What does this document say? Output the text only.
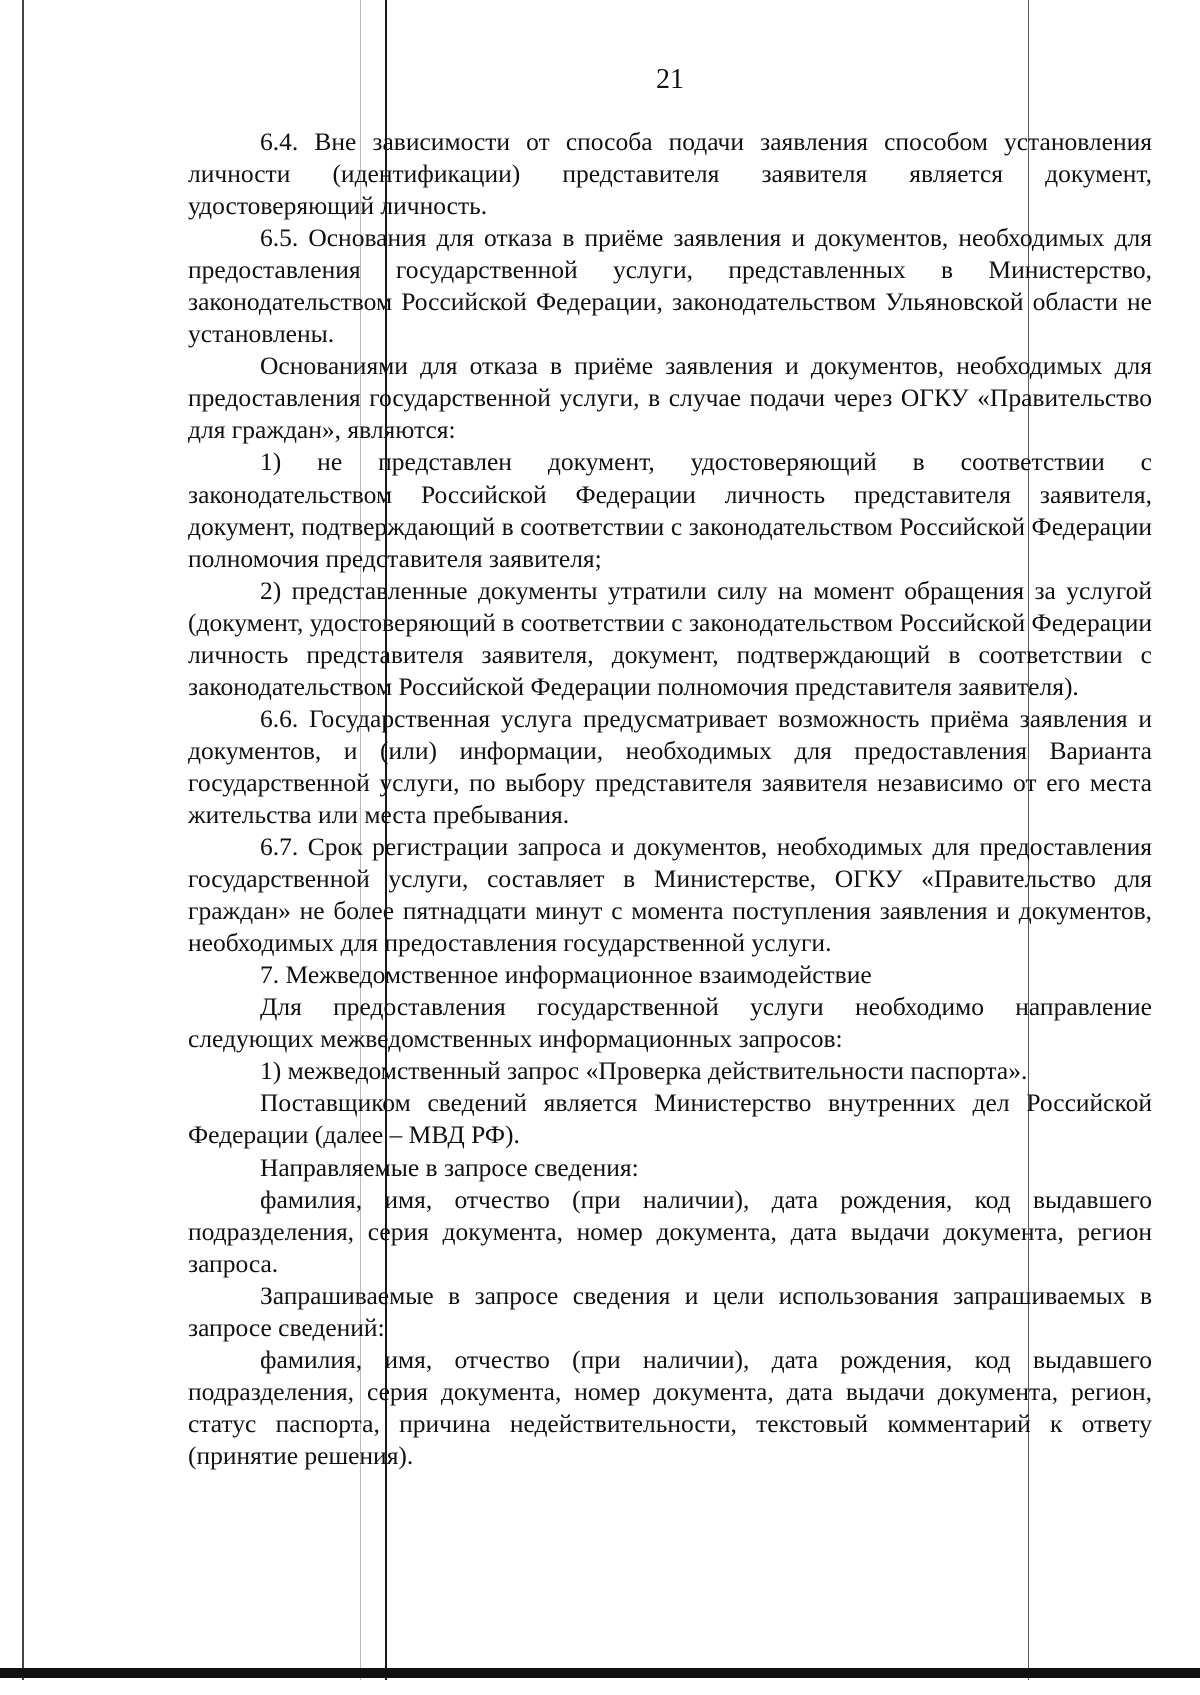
21

6.4. Вне зависимости от способа подачи заявления способом установления личности (идентификации) представителя заявителя является документ, удостоверяющий личность.

6.5. Основания для отказа в приёме заявления и документов, необходимых для предоставления государственной услуги, представленных в Министерство, законодательством Российской Федерации, законодательством Ульяновской области не установлены.

Основаниями для отказа в приёме заявления и документов, необходимых для предоставления государственной услуги, в случае подачи через ОГКУ «Правительство для граждан», являются:

1) не представлен документ, удостоверяющий в соответствии с законодательством Российской Федерации личность представителя заявителя, документ, подтверждающий в соответствии с законодательством Российской Федерации полномочия представителя заявителя;

2) представленные документы утратили силу на момент обращения за услугой (документ, удостоверяющий в соответствии с законодательством Российской Федерации личность представителя заявителя, документ, подтверждающий в соответствии с законодательством Российской Федерации полномочия представителя заявителя).

6.6. Государственная услуга предусматривает возможность приёма заявления и документов, и (или) информации, необходимых для предоставления Варианта государственной услуги, по выбору представителя заявителя независимо от его места жительства или места пребывания.

6.7. Срок регистрации запроса и документов, необходимых для предоставления государственной услуги, составляет в Министерстве, ОГКУ «Правительство для граждан» не более пятнадцати минут с момента поступления заявления и документов, необходимых для предоставления государственной услуги.

7. Межведомственное информационное взаимодействие

Для предоставления государственной услуги необходимо направление следующих межведомственных информационных запросов:

1) межведомственный запрос «Проверка действительности паспорта».

Поставщиком сведений является Министерство внутренних дел Российской Федерации (далее – МВД РФ).

Направляемые в запросе сведения:

фамилия, имя, отчество (при наличии), дата рождения, код выдавшего подразделения, серия документа, номер документа, дата выдачи документа, регион запроса.

Запрашиваемые в запросе сведения и цели использования запрашиваемых в запросе сведений:

фамилия, имя, отчество (при наличии), дата рождения, код выдавшего подразделения, серия документа, номер документа, дата выдачи документа, регион, статус паспорта, причина недействительности, текстовый комментарий к ответу (принятие решения).
